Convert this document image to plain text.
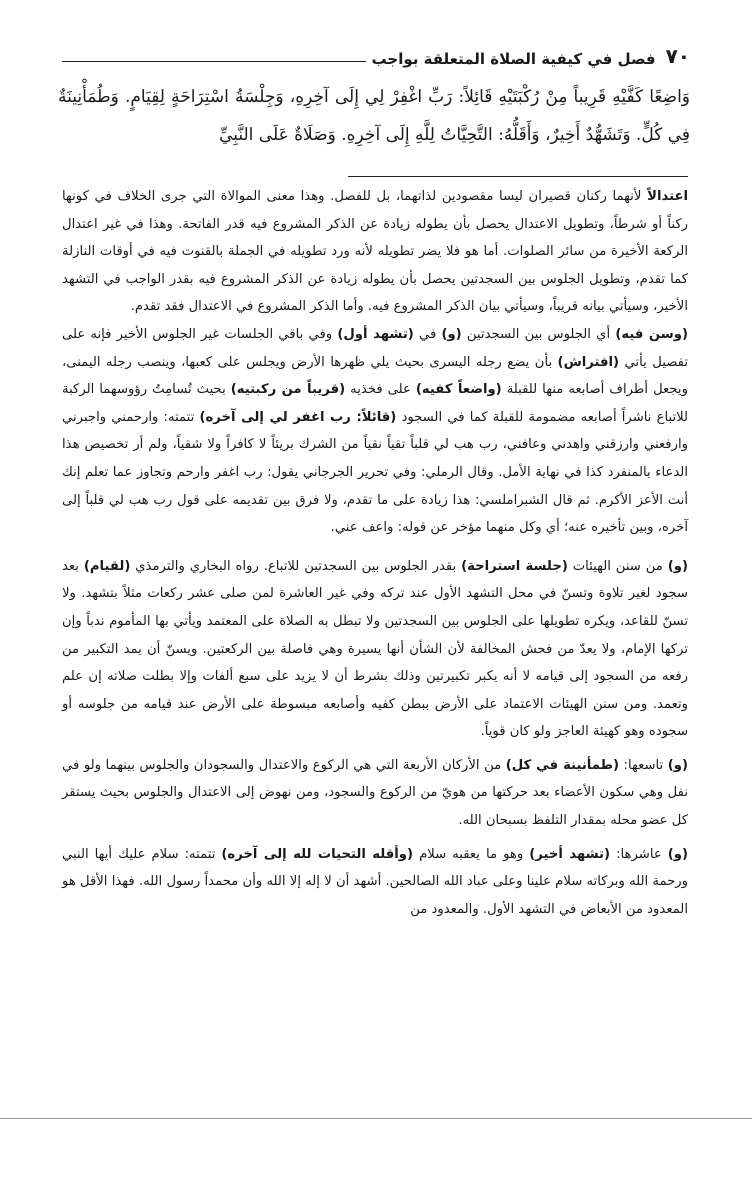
٧٠
فصل في كيفية الصلاة المتعلقة بواجب
وَاضِعًا كَفَّيْهِ قَرِيباً مِنْ رُكْبَتَيْهِ قَائِلاً: رَبِّ اغْفِرْ لِي إِلَى آخِرِهِ، وَجِلْسَةُ اسْتِرَاحَةٍ لِقِيَامٍ. وَطُمَأْنِينَةٌ فِي كُلٍّ. وَتَشَهُّدٌ أَخِيرٌ، وَأَقَلُّهُ: التَّحِيَّاتُ لِلَّهِ إِلَى آخِرِهِ. وَصَلَاةٌ عَلَى النَّبِيِّ

اعتدالاً لأنهما ركنان قصيران ليسا مقصودين لذاتهما، بل للفصل. وهذا معنى الموالاة التي جرى الخلاف في كونها ركناً أو شرطاً، وتطويل الاعتدال يحصل بأن يطوله زيادة عن الذكر المشروع فيه قدر الفاتحة. وهذا في غير اعتدال الركعة الأخيرة من سائر الصلوات. أما هو فلا يضر تطويله لأنه ورد تطويله في الجملة بالقنوت فيه في أوقات النازلة كما تقدم، وتطويل الجلوس بين السجدتين يحصل بأن يطوله زيادة عن الذكر المشروع فيه بقدر الواجب في التشهد الأخير، وسيأتي بيانه قريباً، وسيأتي بيان الذكر المشروع فيه. وأما الذكر المشروع في الاعتدال فقد تقدم.
(وسن فيه) أي الجلوس بين السجدتين (و) في (تشهد أول) وفي باقي الجلسات غير الجلوس الأخير فإنه على تفصيل يأتي (افتراش) بأن يضع رجله اليسرى بحيث يلي ظهرها الأرض ويجلس على كعبها، وينصب رجله اليمنى، ويجعل أطراف أصابعه منها للقبلة (واضعاً كفيه) على فخذيه (قريباً من ركبتيه) بحيث تُسامِتُ رؤوسهما الركبة للاتباع ناشراً أصابعه مضمومة للقبلة كما في السجود (قائلاً: رب اغفر لي إلى آخره) تتمته: وارحمني واجبرني وارفعني وارزقني واهدني وعافني، رب هب لي قلباً تقياً نقياً من الشرك بريئاً لا كافراً ولا شقياً، ولم أر تخصيص هذا الدعاء بالمنفرد كذا في نهاية الأمل. وقال الرملي: وفي تحرير الجرجاني يقول: رب اغفر وارحم وتجاوز عما تعلم إنك أنت الأعز الأكرم. ثم قال الشبراملسي: هذا زيادة على ما تقدم، ولا فرق بين تقديمه على قول رب هب لي قلباً إلى آخره، وبين تأخيره عنه؛ أي وكل منهما مؤخر عن قوله: واعف عني.

(و) من سنن الهيئات (جلسة استراحة) بقدر الجلوس بين السجدتين للاتباع. رواه البخاري والترمذي (لقيام) بعد سجود لغير تلاوة وتسنّ في محل التشهد الأول عند تركه وفي غير العاشرة لمن صلى عشر ركعات مثلاً بتشهد. ولا تسنّ للقاعد، ويكره تطويلها على الجلوس بين السجدتين ولا تبطل به الصلاة على المعتمد ويأتي بها المأموم ندباً وإن تركها الإمام، ولا يعدّ من فحش المخالفة لأن الشأن أنها يسيرة وهي فاصلة بين الركعتين. ويسنّ أن يمد التكبير من رفعه من السجود إلى قيامه لا أنه يكبر تكبيرتين وذلك بشرط أن لا يزيد على سبع ألفات وإلا بطلت صلاته إن علم وتعمد. ومن سنن الهيئات الاعتماد على الأرض ببطن كفيه وأصابعه مبسوطة على الأرض عند قيامه من جلوسه أو سجوده وهو كهيئة العاجز ولو كان قوياً.

(و) تاسعها: (طمأنينة في كل) من الأركان الأربعة التي هي الركوع والاعتدال والسجودان والجلوس بينهما ولو في نفل وهي سكون الأعضاء بعد حركتها من هويّ من الركوع والسجود، ومن نهوض إلى الاعتدال والجلوس بحيث يستقر كل عضو محله بمقدار التلفظ بسبحان الله.

(و) عاشرها: (تشهد أخير) وهو ما يعقبه سلام (وأقله التحيات لله إلى آخره) تتمته: سلام عليك أيها النبي ورحمة الله وبركاته سلام علينا وعلى عباد الله الصالحين. أشهد أن لا إله إلا الله وأن محمداً رسول الله. فهذا الأقل هو المعدود من الأبعاض في التشهد الأول. والمعدود من
